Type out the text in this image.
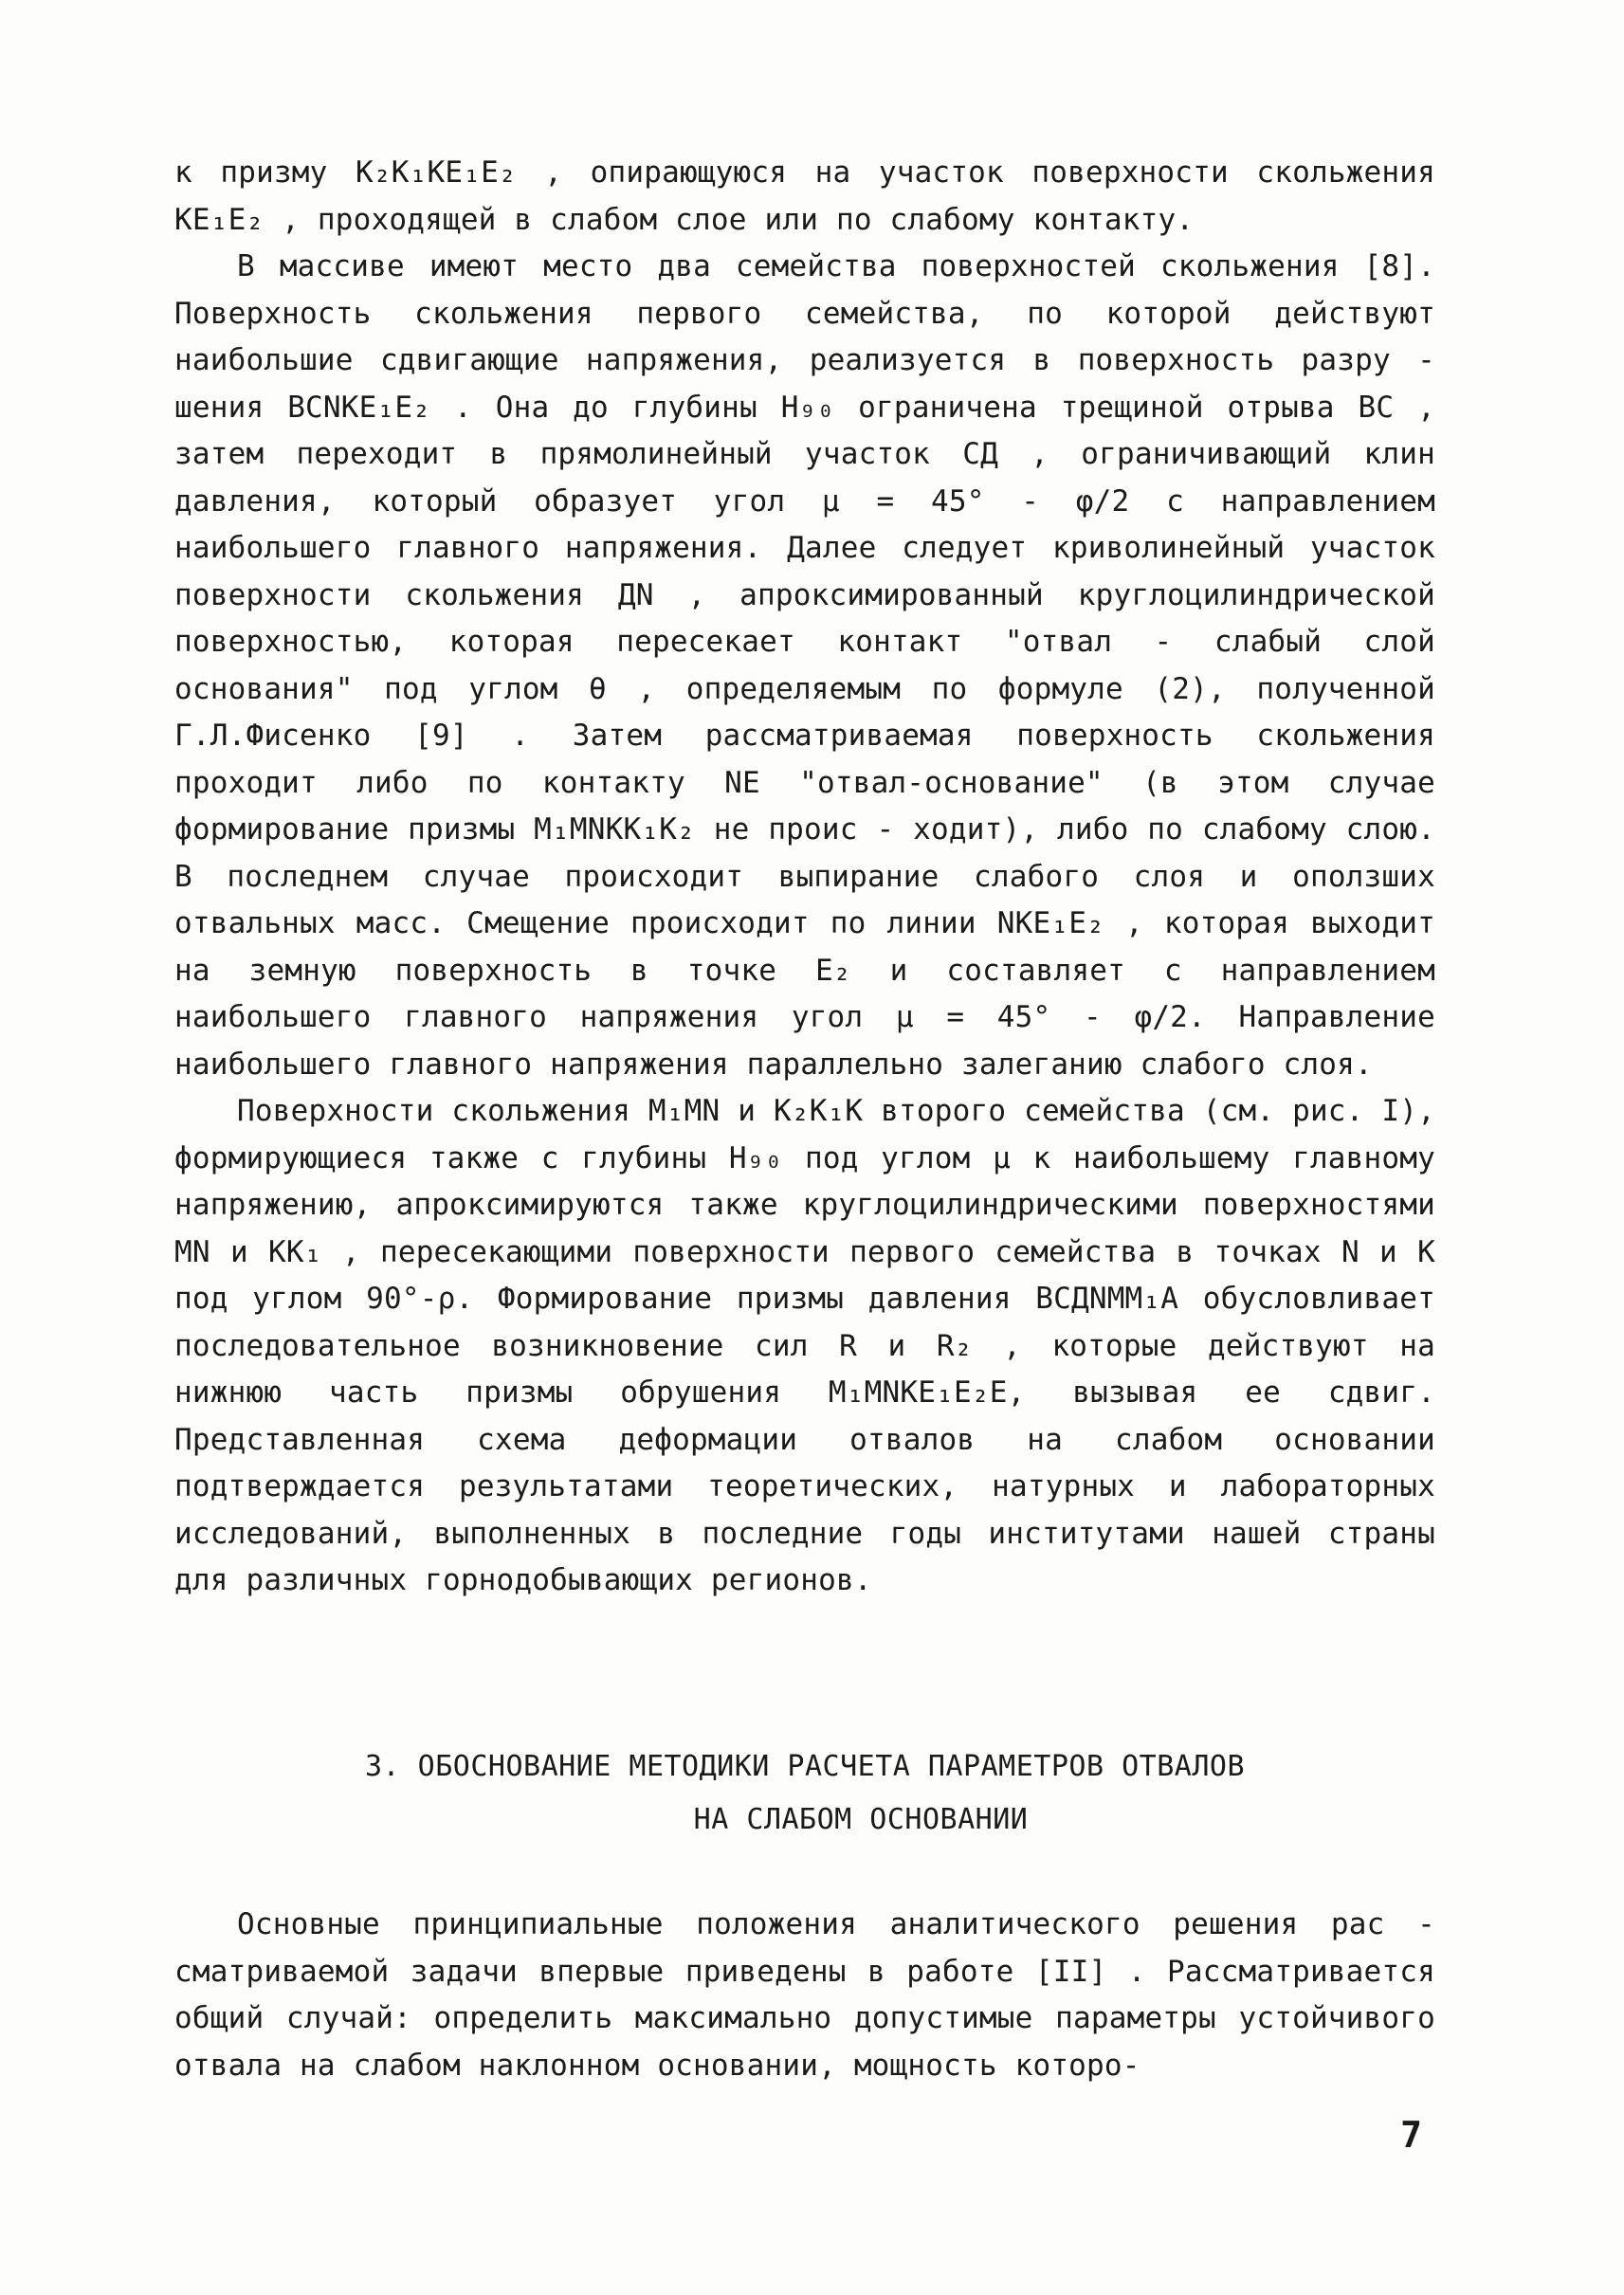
к призму K₂K₁KE₁E₂ , опирающуюся на участок поверхности скольжения KE₁E₂ , проходящей в слабом слое или по слабому контакту.

В массиве имеют место два семейства поверхностей скольжения [8]. Поверхность скольжения первого семейства, по которой действуют наибольшие сдвигающие напряжения, реализуется в поверхность разру - шения BCNKE₁E₂ . Она до глубины H₉₀ ограничена трещиной отрыва BC , затем переходит в прямолинейный участок CД , ограничивающий клин давления, который образует угол μ = 45° - φ/2 с направлением наибольшего главного напряжения. Далее следует криволинейный участок поверхности скольжения ДN , апроксимированный круглоцилиндрической поверхностью, которая пересекает контакт "отвал - слабый слой основания" под углом θ , определяемым по формуле (2), полученной Г.Л.Фисенко [9] . Затем рассматриваемая поверхность скольжения проходит либо по контакту NE "отвал-основание" (в этом случае формирование призмы M₁MNKK₁K₂ не проис - ходит), либо по слабому слою. В последнем случае происходит выпирание слабого слоя и оползших отвальных масс. Смещение происходит по линии NKE₁E₂ , которая выходит на земную поверхность в точке E₂ и составляет с направлением наибольшего главного напряжения угол μ = 45° - φ/2. Направление наибольшего главного напряжения параллельно залеганию слабого слоя.

Поверхности скольжения M₁MN и K₂K₁K второго семейства (см. рис. I), формирующиеся также с глубины H₉₀ под углом μ к наибольшему главному напряжению, апроксимируются также круглоцилиндрическими поверхностями MN и KK₁ , пересекающими поверхности первого семейства в точках N и K под углом 90°-ρ. Формирование призмы давления BCДNMM₁A обусловливает последовательное возникновение сил R и R₂ , которые действуют на нижнюю часть призмы обрушения M₁MNKE₁E₂E, вызывая ее сдвиг. Представленная схема деформации отвалов на слабом основании подтверждается результатами теоретических, натурных и лабораторных исследований, выполненных в последние годы институтами нашей страны для различных горнодобывающих регионов.

3. ОБОСНОВАНИЕ МЕТОДИКИ РАСЧЕТА ПАРАМЕТРОВ ОТВАЛОВ
НА СЛАБОМ ОСНОВАНИИ

Основные принципиальные положения аналитического решения рас - сматриваемой задачи впервые приведены в работе [II] . Рассматривается общий случай: определить максимально допустимые параметры устойчивого отвала на слабом наклонном основании, мощность которо-

7
